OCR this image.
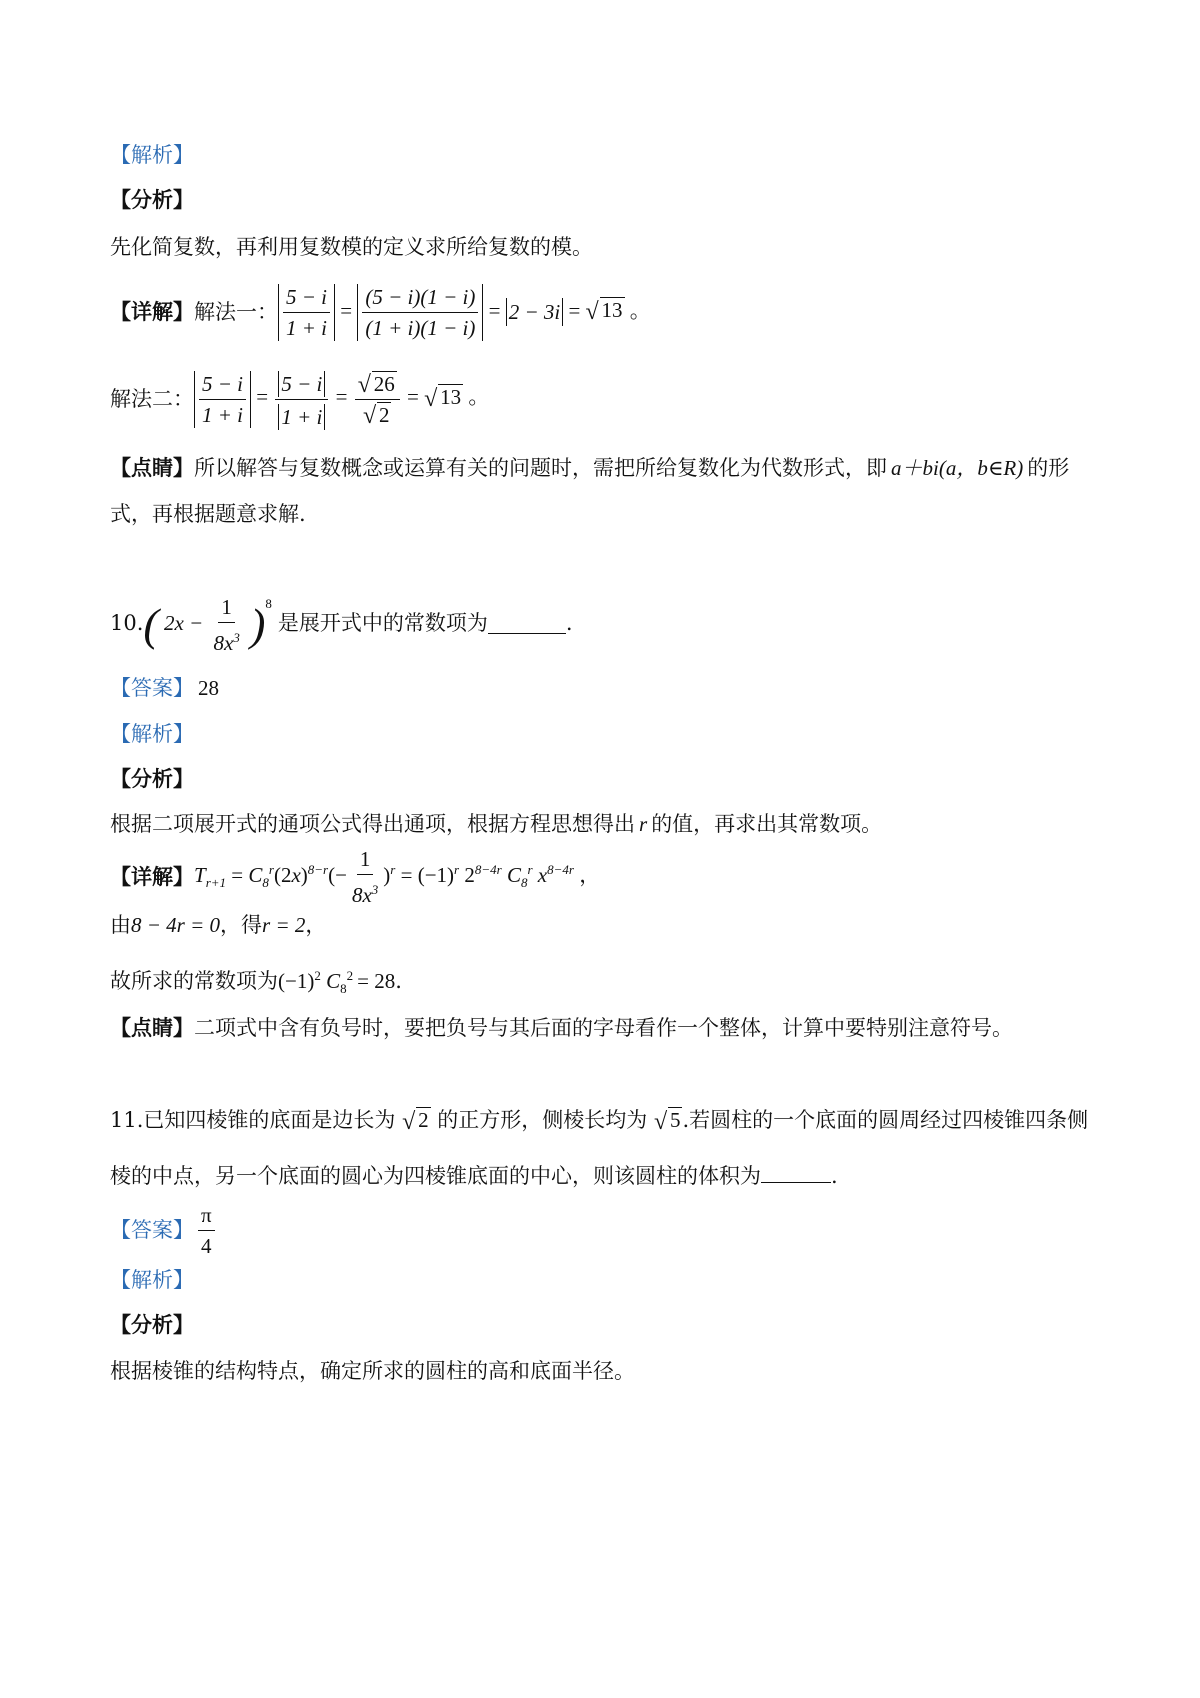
【解析】
【分析】
先化简复数，再利用复数模的定义求所给复数的模。
【详解】 解法一： $\frac{5 - i}{1 + i} = \frac{(5 - i)(1 - i)}{(1 + i)(1 - i)} = 2 - 3i$ = √ 13 。
解法二： $\frac{5 - i}{1 + i} = \frac{5 - i}{1 + i} = \frac{√ 26}{√ 2}$ = √ 13 。
【点睛】所以解答与复数概念或运算有关的问题时，需把所给复数化为代数形式，即 a＋bi(a，b∈R) 的形
式，再根据题意求解.
10. ( $2x - \frac{1}{8x^3} )^8$
是展开式中的常数项为	.
【答案】 28
【解析】
【分析】
根据二项展开式的通项公式得出通项，根据方程思想得出 r 的值，再求出其常数项。
【详解】 $T_{r+1} = C_8^r(2x)^{8-r}(- \frac{1}{8x^3} )^r = (-1)^r$ $2^{8-4r}$ $C_8^r$ $x^{8-4r}$ ，
由8 − 4r = 0，得r = 2，
故所求的常数项为$(-1)^2$ $C_8^2 = 28$.
【点睛】二项式中含有负号时，要把负号与其后面的字母看作一个整体，计算中要特别注意符号。
11.已知四棱锥的底面是边长为 √ 2 的正方形，侧棱长均为 √ 5.若圆柱的一个底面的圆周经过四棱锥四条侧
棱的中点，另一个底面的圆心为四棱锥底面的中心，则该圆柱的体积为	.
【答案】 $\frac{\pi}{4}$
【解析】
【分析】
根据棱锥的结构特点，确定所求的圆柱的高和底面半径。
